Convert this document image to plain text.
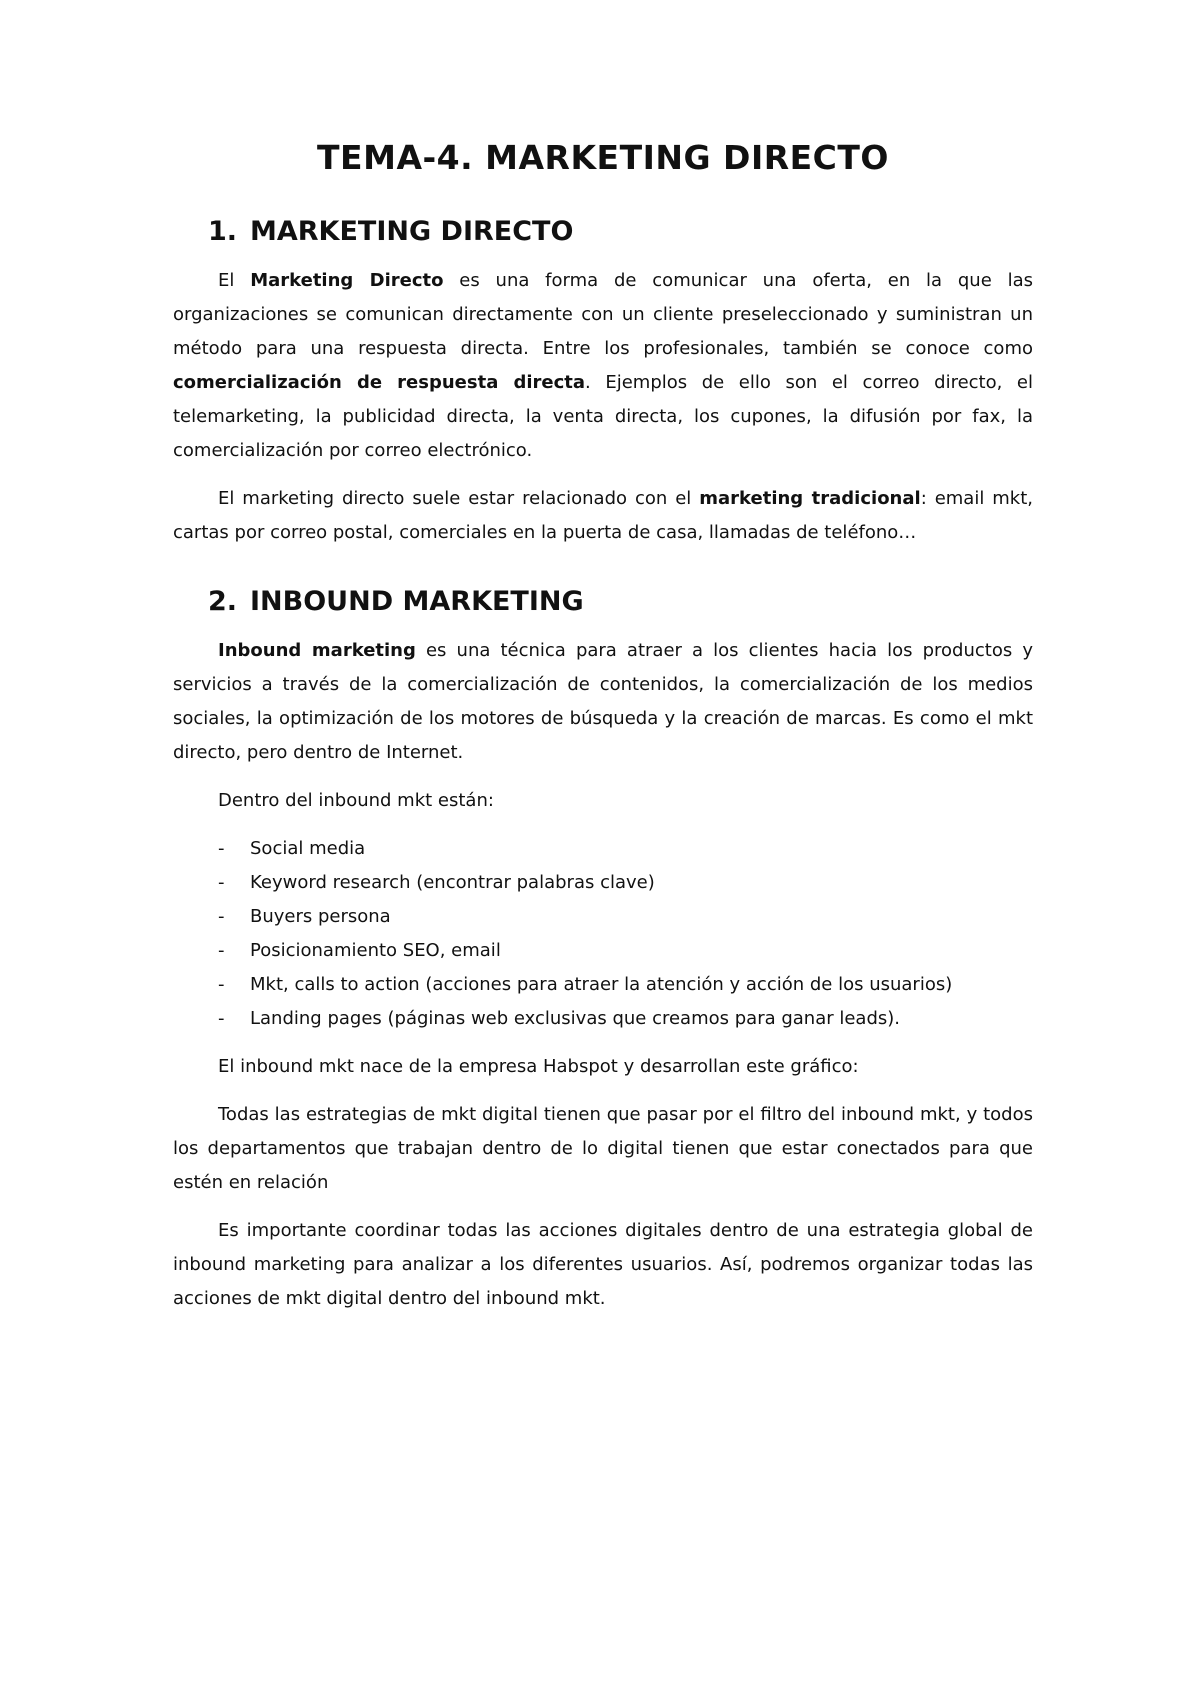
TEMA-4. MARKETING DIRECTO
1. MARKETING DIRECTO

El Marketing Directo es una forma de comunicar una oferta, en la que las organizaciones se comunican directamente con un cliente preseleccionado y suministran un método para una respuesta directa. Entre los profesionales, también se conoce como comercialización de respuesta directa. Ejemplos de ello son el correo directo, el telemarketing, la publicidad directa, la venta directa, los cupones, la difusión por fax, la comercialización por correo electrónico.

El marketing directo suele estar relacionado con el marketing tradicional: email mkt, cartas por correo postal, comerciales en la puerta de casa, llamadas de teléfono…

2. INBOUND MARKETING

Inbound marketing es una técnica para atraer a los clientes hacia los productos y servicios a través de la comercialización de contenidos, la comercialización de los medios sociales, la optimización de los motores de búsqueda y la creación de marcas. Es como el mkt directo, pero dentro de Internet.

Dentro del inbound mkt están:

- Social media
- Keyword research (encontrar palabras clave)
- Buyers persona
- Posicionamiento SEO, email
- Mkt, calls to action (acciones para atraer la atención y acción de los usuarios)
- Landing pages (páginas web exclusivas que creamos para ganar leads).

El inbound mkt nace de la empresa Habspot y desarrollan este gráfico:

Todas las estrategias de mkt digital tienen que pasar por el filtro del inbound mkt, y todos los departamentos que trabajan dentro de lo digital tienen que estar conectados para que estén en relación

Es importante coordinar todas las acciones digitales dentro de una estrategia global de inbound marketing para analizar a los diferentes usuarios. Así, podremos organizar todas las acciones de mkt digital dentro del inbound mkt.
